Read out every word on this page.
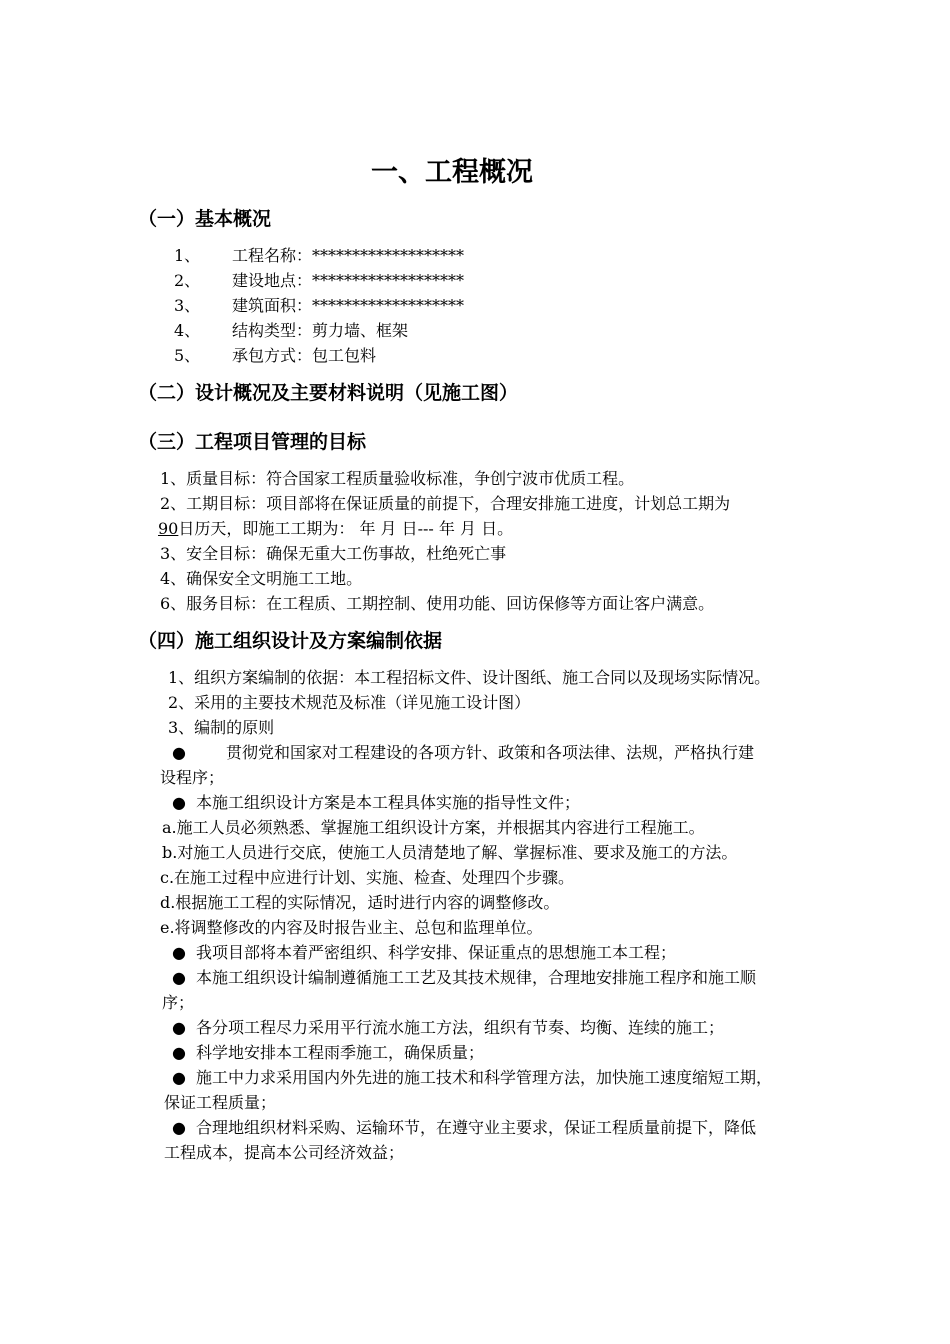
一、工程概况
（一）基本概况
1、 工程名称：*******************
2、 建设地点：*******************
3、 建筑面积：*******************
4、 结构类型：剪力墙、框架
5、 承包方式：包工包料
（二）设计概况及主要材料说明（见施工图）
（三）工程项目管理的目标
1、质量目标：符合国家工程质量验收标准，争创宁波市优质工程。
2、工期目标：项目部将在保证质量的前提下，合理安排施工进度，计划总工期为
90日历天，即施工工期为： 年 月 日--- 年 月 日。
3、安全目标：确保无重大工伤事故，杜绝死亡事
4、确保安全文明施工工地。
6、服务目标：在工程质、工期控制、使用功能、回访保修等方面让客户满意。
（四）施工组织设计及方案编制依据
1、组织方案编制的依据：本工程招标文件、设计图纸、施工合同以及现场实际情况。
2、采用的主要技术规范及标准（详见施工设计图）
3、编制的原则
●	贯彻党和国家对工程建设的各项方针、政策和各项法律、法规，严格执行建
设程序；
● 本施工组织设计方案是本工程具体实施的指导性文件；
a.施工人员必须熟悉、掌握施工组织设计方案，并根据其内容进行工程施工。
b.对施工人员进行交底，使施工人员清楚地了解、掌握标准、要求及施工的方法。
c.在施工过程中应进行计划、实施、检查、处理四个步骤。
d.根据施工工程的实际情况，适时进行内容的调整修改。
e.将调整修改的内容及时报告业主、总包和监理单位。
● 我项目部将本着严密组织、科学安排、保证重点的思想施工本工程；
● 本施工组织设计编制遵循施工工艺及其技术规律，合理地安排施工程序和施工顺
序；
● 各分项工程尽力采用平行流水施工方法，组织有节奏、均衡、连续的施工；
● 科学地安排本工程雨季施工，确保质量；
● 施工中力求采用国内外先进的施工技术和科学管理方法，加快施工速度缩短工期，
保证工程质量；
● 合理地组织材料采购、运输环节，在遵守业主要求，保证工程质量前提下，降低
工程成本，提高本公司经济效益；
